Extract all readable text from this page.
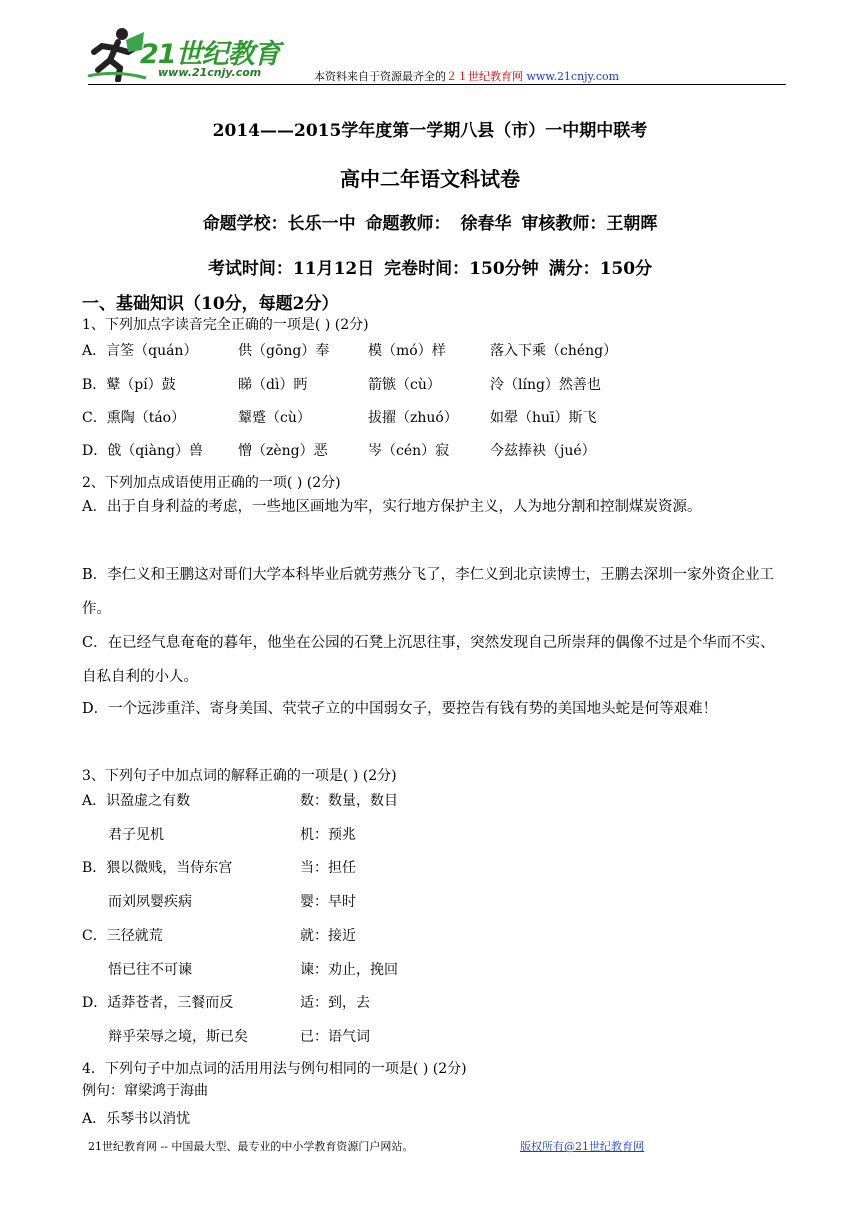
21世纪教育
www.21cnjy.com	本资料来自于资源最齐全的２１世纪教育网 www.21cnjy.com
2014——2015学年度第一学期八县（市）一中期中联考
高中二年语文科试卷
命题学校：长乐一中 命题教师： 徐春华 审核教师：王朝晖
考试时间：11月12日 完卷时间：150分钟 满分：150分
一、基础知识（10分，每题2分）
1、下列加点字读音完全正确的一项是( ) (2分)
A．言筌（quán）	供（gōng）奉	模（mó）样	落入下乘（chéng）
B．鼙（pí）鼓	睇（dì）眄	箭镞（cù）	泠（líng）然善也
C．熏陶（táo）	颦蹙（cù）	拔擢（zhuó） 如翚（huī）斯飞
D．戗（qiàng）兽	憎（zèng）恶	岑（cén）寂	今兹捧袂（jué）
2、下列加点成语使用正确的一项( ) (2分)
A．出于自身利益的考虑，一些地区画地为牢，实行地方保护主义，人为地分割和控制煤炭资源。
B．李仁义和王鹏这对哥们大学本科毕业后就劳燕分飞了，李仁义到北京读博士，王鹏去深圳一家外资企业工作。
C．在已经气息奄奄的暮年，他坐在公园的石凳上沉思往事，突然发现自己所崇拜的偶像不过是个华而不实、自私自利的小人。
D．一个远涉重洋、寄身美国、茕茕孑立的中国弱女子，要控告有钱有势的美国地头蛇是何等艰难！
3、下列句子中加点词的解释正确的一项是( ) (2分)
A．识盈虚之有数	数：数量，数目
君子见机	机：预兆
B．猥以微贱，当侍东宫	当：担任
而刘夙婴疾病	婴：早时
C．三径就荒	就：接近
悟已往不可谏	谏：劝止，挽回
D．适莽苍者，三餐而反	适：到，去
辩乎荣辱之境，斯已矣	已：语气词
4．下列句子中加点词的活用用法与例句相同的一项是( ) (2分)
例句：窜梁鸿于海曲
A．乐琴书以消忧
21世纪教育网 -- 中国最大型、最专业的中小学教育资源门户网站。	版权所有@21世纪教育网
